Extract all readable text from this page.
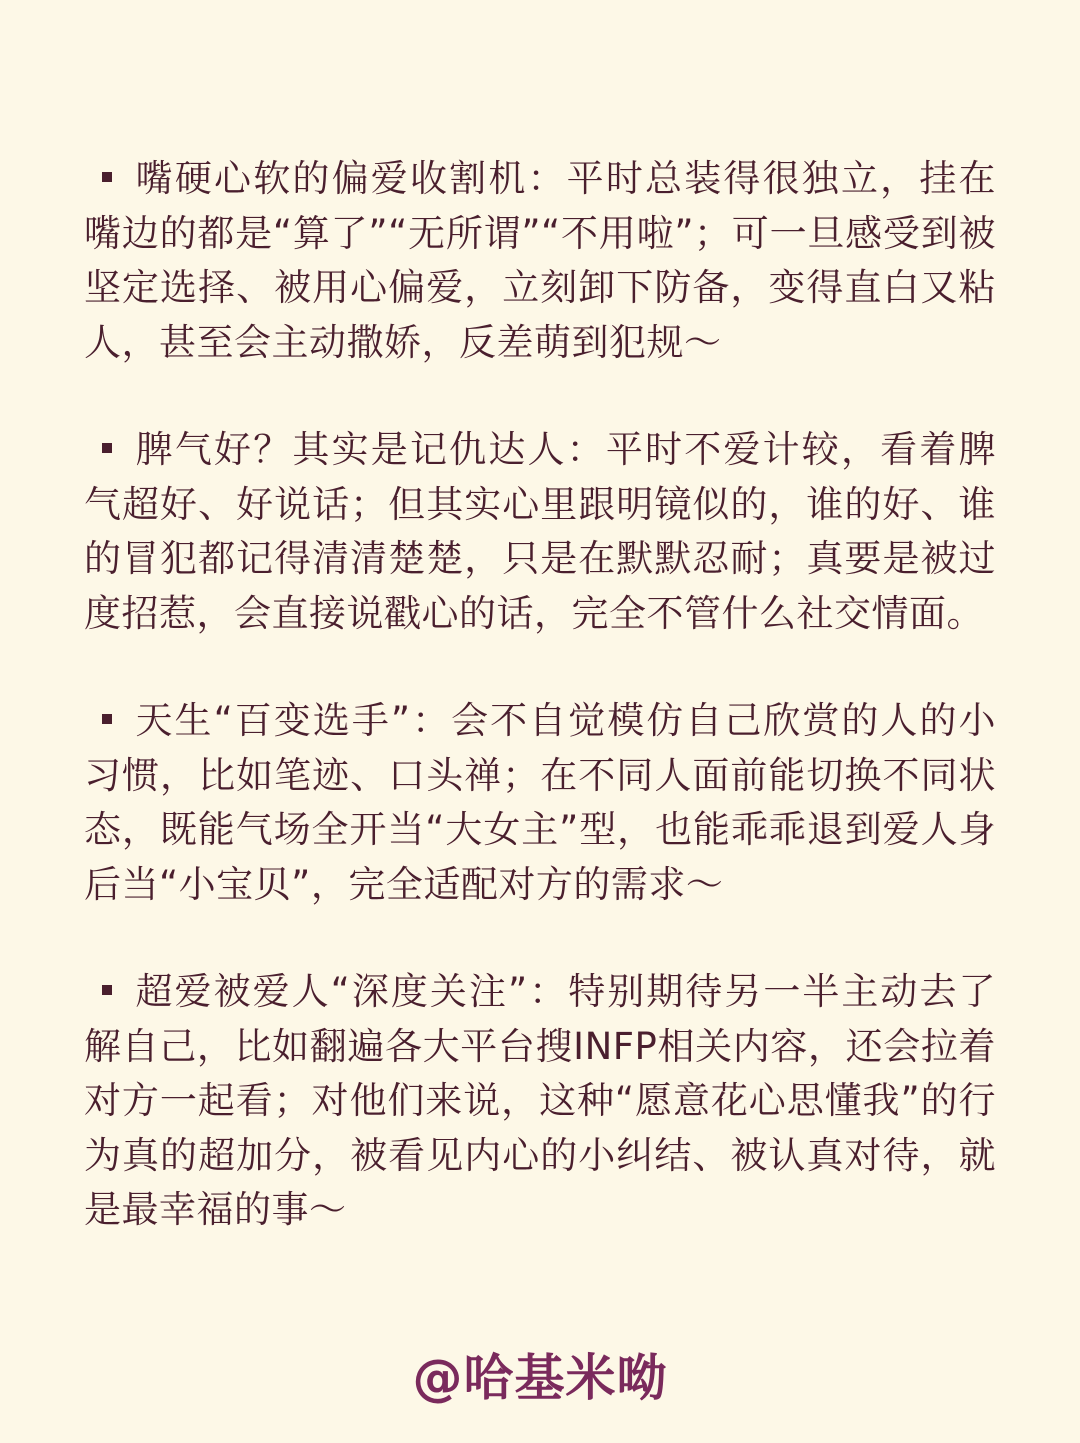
嘴硬心软的偏爱收割机：平时总装得很独立，挂在嘴边的都是“算了”“无所谓”“不用啦”；可一旦感受到被坚定选择、被用心偏爱，立刻卸下防备，变得直白又粘人，甚至会主动撒娇，反差萌到犯规～

脾气好？其实是记仇达人：平时不爱计较，看着脾气超好、好说话；但其实心里跟明镜似的，谁的好、谁的冒犯都记得清清楚楚，只是在默默忍耐；真要是被过度招惹，会直接说戳心的话，完全不管什么社交情面。

天生“百变选手”：会不自觉模仿自己欣赏的人的小习惯，比如笔迹、口头禅；在不同人面前能切换不同状态，既能气场全开当“大女主”型，也能乖乖退到爱人身后当“小宝贝”，完全适配对方的需求～

超爱被爱人“深度关注”：特别期待另一半主动去了解自己，比如翻遍各大平台搜INFP相关内容，还会拉着对方一起看；对他们来说，这种“愿意花心思懂我”的行为真的超加分，被看见内心的小纠结、被认真对待，就是最幸福的事～

@哈基米呦
